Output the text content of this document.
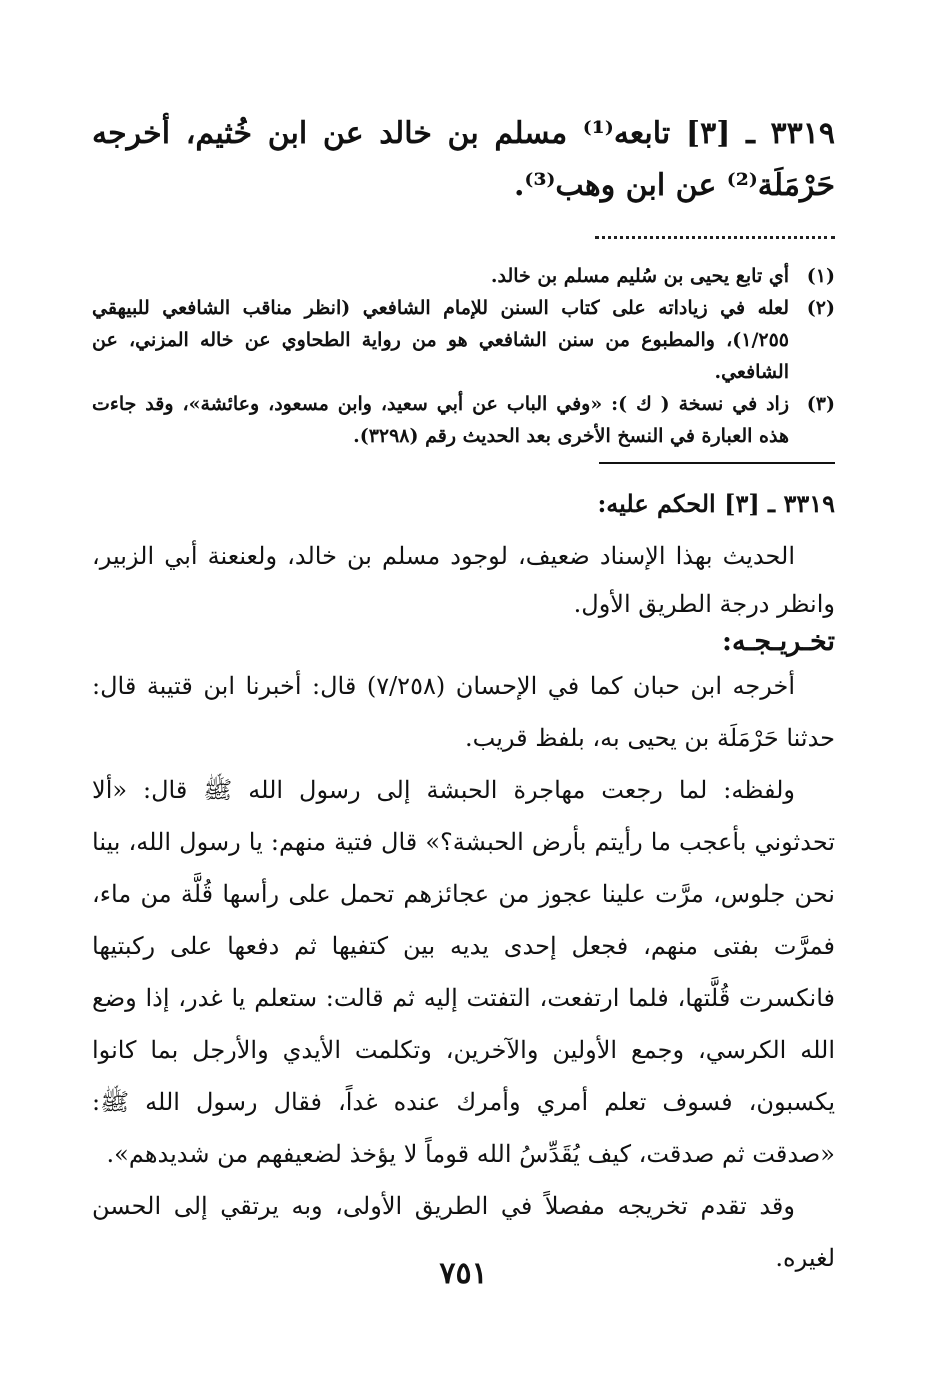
٣٣١٩ ـ [٣] تابعه⁽¹⁾ مسلم بن خالد عن ابن خُثيم، أخرجه حَرْمَلَة⁽²⁾ عن ابن وهب⁽³⁾.
(١)
أي تابع يحيى بن سُليم مسلم بن خالد.
(٢)
لعله في زياداته على كتاب السنن للإمام الشافعي (انظر مناقب الشافعي للبيهقي ١/٢٥٥)، والمطبوع من سنن الشافعي هو من رواية الطحاوي عن خاله المزني، عن الشافعي.
(٣)
زاد في نسخة ( ك ): «وفي الباب عن أبي سعيد، وابن مسعود، وعائشة»، وقد جاءت هذه العبارة في النسخ الأخرى بعد الحديث رقم (٣٢٩٨).
٣٣١٩ ـ [٣] الحكم عليه:
الحديث بهذا الإسناد ضعيف، لوجود مسلم بن خالد، ولعنعنة أبي الزبير، وانظر درجة الطريق الأول.
تخـريـجـه:

أخرجه ابن حبان كما في الإحسان (٧/٢٥٨) قال: أخبرنا ابن قتيبة قال: حدثنا حَرْمَلَة بن يحيى به، بلفظ قريب.

ولفظه: لما رجعت مهاجرة الحبشة إلى رسول الله ﷺ قال: «ألا تحدثوني بأعجب ما رأيتم بأرض الحبشة؟» قال فتية منهم: يا رسول الله، بينا نحن جلوس، مرَّت علينا عجوز من عجائزهم تحمل على رأسها قُلَّة من ماء، فمرَّت بفتى منهم، فجعل إحدى يديه بين كتفيها ثم دفعها على ركبتيها فانكسرت قُلَّتها، فلما ارتفعت، التفتت إليه ثم قالت: ستعلم يا غدر، إذا وضع الله الكرسي، وجمع الأولين والآخرين، وتكلمت الأيدي والأرجل بما كانوا يكسبون، فسوف تعلم أمري وأمرك عنده غداً، فقال رسول الله ﷺ: «صدقت ثم صدقت، كيف يُقَدِّسُ الله قوماً لا يؤخذ لضعيفهم من شديدهم».

وقد تقدم تخريجه مفصلاً في الطريق الأولى، وبه يرتقي إلى الحسن لغيره.

٧٥١
